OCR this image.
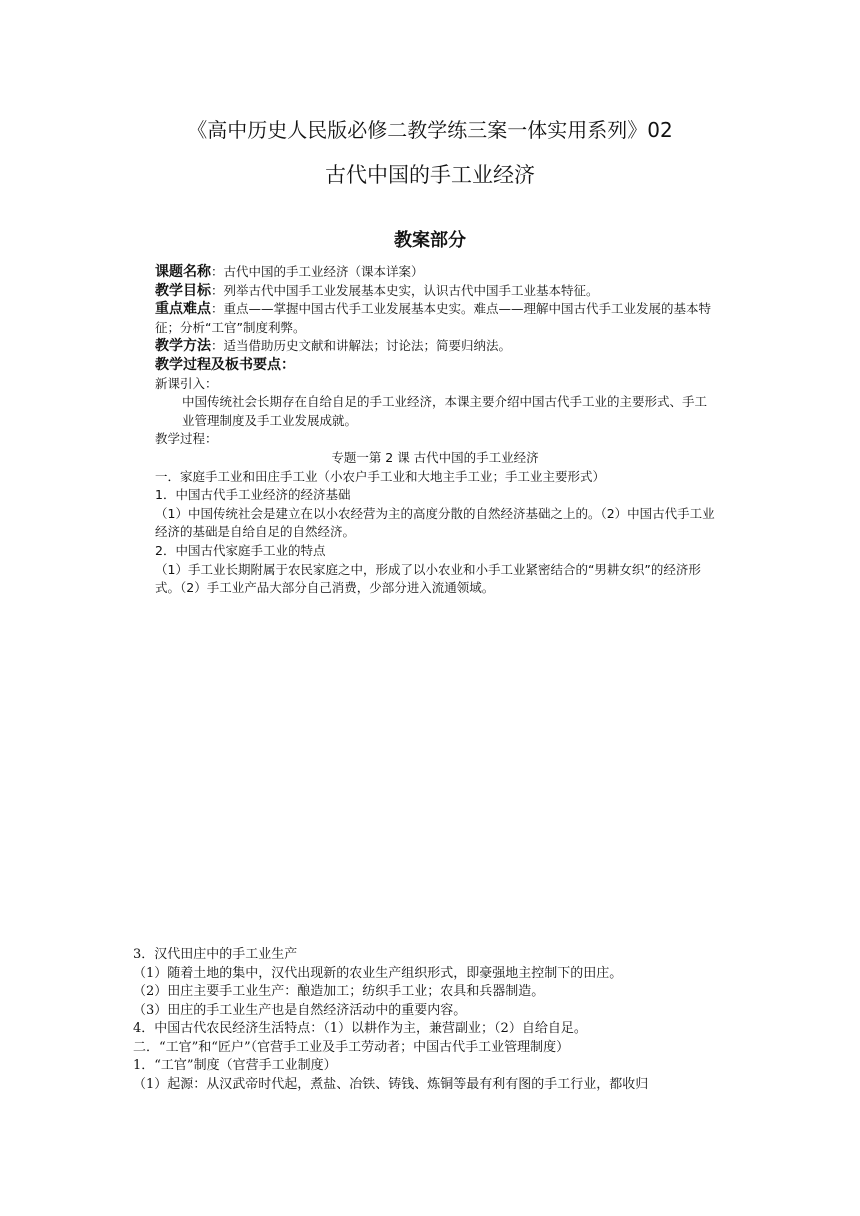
《高中历史人民版必修二教学练三案一体实用系列》02
古代中国的手工业经济
教案部分
课题名称：古代中国的手工业经济（课本详案）
教学目标：列举古代中国手工业发展基本史实，认识古代中国手工业基本特征。
重点难点：重点——掌握中国古代手工业发展基本史实。难点——理解中国古代手工业发展的基本特征；分析“工官”制度利弊。
教学方法：适当借助历史文献和讲解法；讨论法；简要归纳法。
教学过程及板书要点：
新课引入：
中国传统社会长期存在自给自足的手工业经济，本课主要介绍中国古代手工业的主要形式、手工业管理制度及手工业发展成就。
教学过程：
专题一第 2 课 古代中国的手工业经济
一．家庭手工业和田庄手工业（小农户手工业和大地主手工业；手工业主要形式）
1．中国古代手工业经济的经济基础
（1）中国传统社会是建立在以小农经营为主的高度分散的自然经济基础之上的。（2）中国古代手工业经济的基础是自给自足的自然经济。
2．中国古代家庭手工业的特点
（1）手工业长期附属于农民家庭之中，形成了以小农业和小手工业紧密结合的“男耕女织”的经济形式。（2）手工业产品大部分自己消费，少部分进入流通领域。
3．汉代田庄中的手工业生产
（1）随着土地的集中，汉代出现新的农业生产组织形式，即豪强地主控制下的田庄。
（2）田庄主要手工业生产：酿造加工；纺织手工业；农具和兵器制造。
（3）田庄的手工业生产也是自然经济活动中的重要内容。
4．中国古代农民经济生活特点：（1）以耕作为主，兼营副业；（2）自给自足。
二．“工官”和“匠户”（官营手工业及手工劳动者；中国古代手工业管理制度）
1．“工官”制度（官营手工业制度）
（1）起源：从汉武帝时代起，煮盐、冶铁、铸钱、炼铜等最有利有图的手工行业，都收归
